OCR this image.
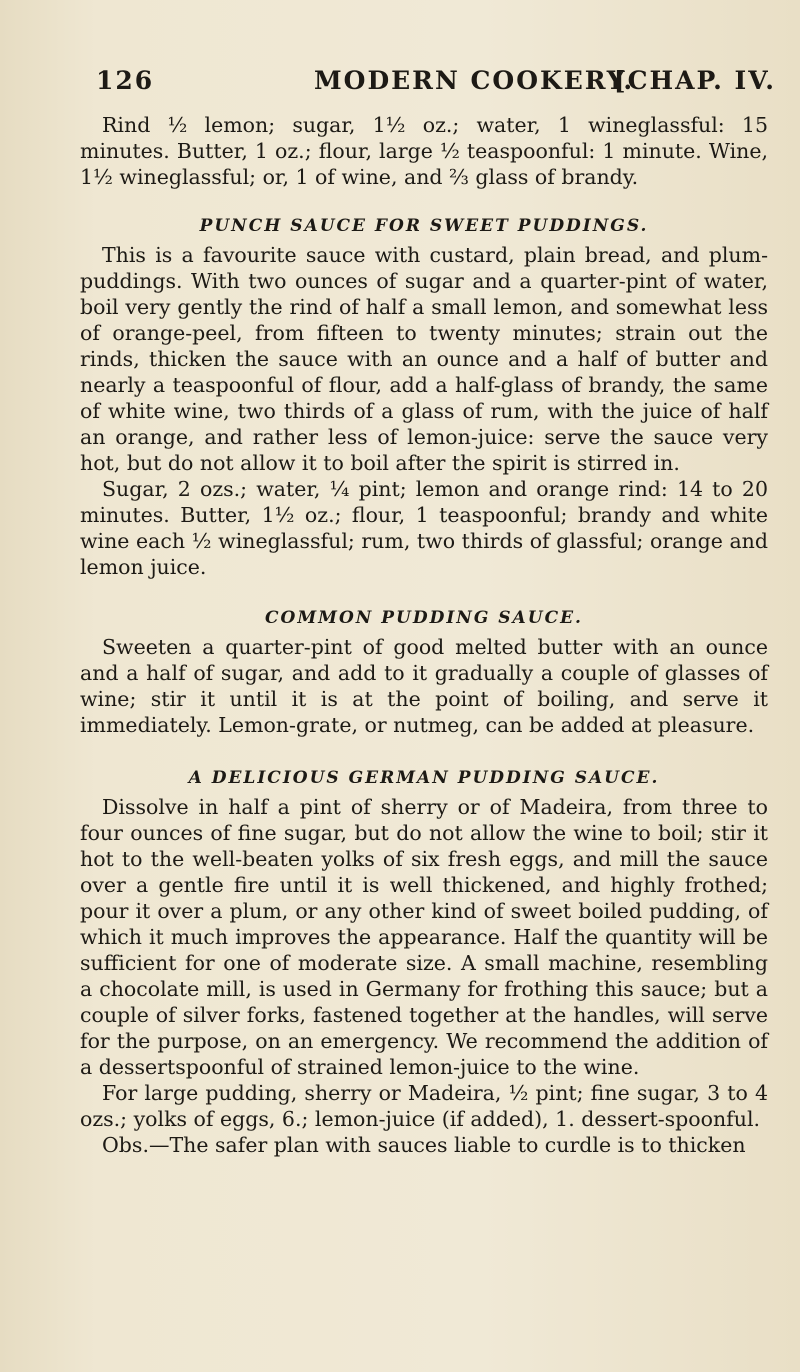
126	MODERN COOKERY.
[CHAP. IV.

Rind ½ lemon; sugar, 1½ oz.; water, 1 wineglassful: 15 minutes. Butter, 1 oz.; flour, large ½ teaspoonful: 1 minute. Wine, 1½ wineglassful; or, 1 of wine, and ⅔ glass of brandy.

PUNCH SAUCE FOR SWEET PUDDINGS.

This is a favourite sauce with custard, plain bread, and plum-puddings. With two ounces of sugar and a quarter-pint of water, boil very gently the rind of half a small lemon, and somewhat less of orange-peel, from fifteen to twenty minutes; strain out the rinds, thicken the sauce with an ounce and a half of butter and nearly a teaspoonful of flour, add a half-glass of brandy, the same of white wine, two thirds of a glass of rum, with the juice of half an orange, and rather less of lemon-juice: serve the sauce very hot, but do not allow it to boil after the spirit is stirred in.

Sugar, 2 ozs.; water, ¼ pint; lemon and orange rind: 14 to 20 minutes. Butter, 1½ oz.; flour, 1 teaspoonful; brandy and white wine each ½ wineglassful; rum, two thirds of glassful; orange and lemon juice.

COMMON PUDDING SAUCE.

Sweeten a quarter-pint of good melted butter with an ounce and a half of sugar, and add to it gradually a couple of glasses of wine; stir it until it is at the point of boiling, and serve it immediately. Lemon-grate, or nutmeg, can be added at pleasure.

A DELICIOUS GERMAN PUDDING SAUCE.

Dissolve in half a pint of sherry or of Madeira, from three to four ounces of fine sugar, but do not allow the wine to boil; stir it hot to the well-beaten yolks of six fresh eggs, and mill the sauce over a gentle fire until it is well thickened, and highly frothed; pour it over a plum, or any other kind of sweet boiled pudding, of which it much improves the appearance. Half the quantity will be sufficient for one of moderate size. A small machine, resembling a chocolate mill, is used in Germany for frothing this sauce; but a couple of silver forks, fastened together at the handles, will serve for the purpose, on an emergency. We recommend the addition of a dessertspoonful of strained lemon-juice to the wine.

For large pudding, sherry or Madeira, ½ pint; fine sugar, 3 to 4 ozs.; yolks of eggs, 6.; lemon-juice (if added), 1. dessert-spoonful.

Obs.—The safer plan with sauces liable to curdle is to thicken
